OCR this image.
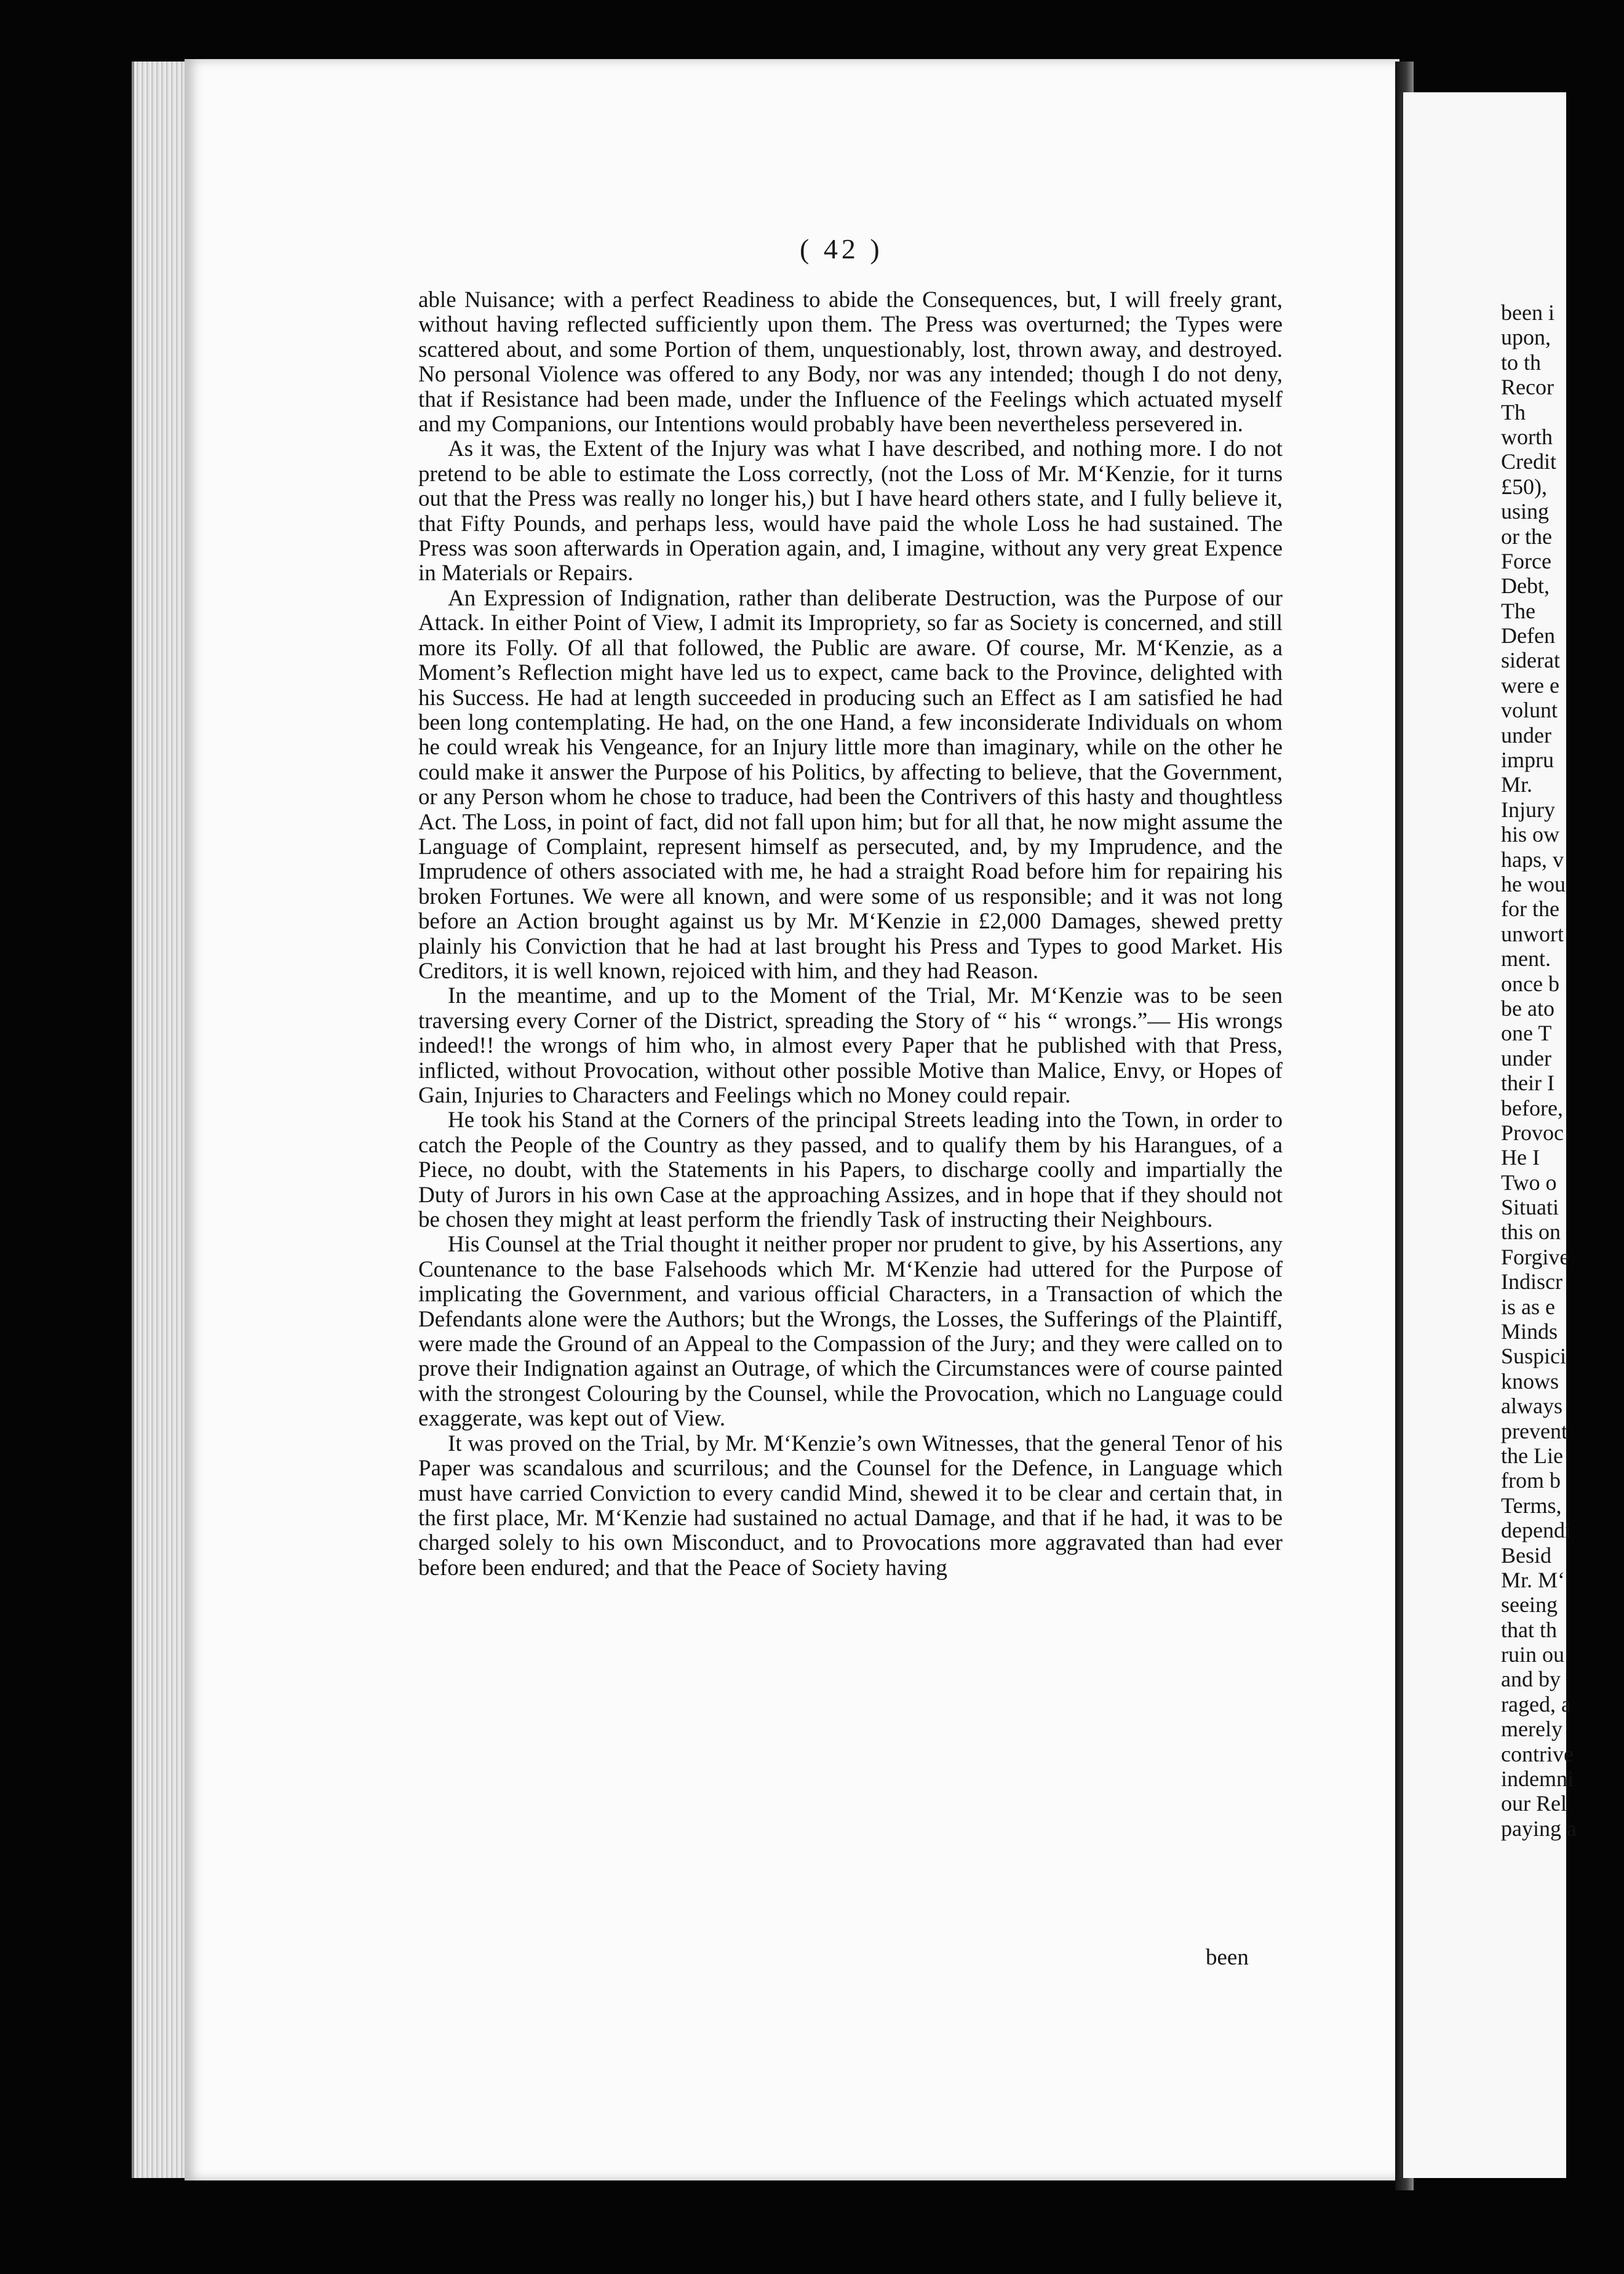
( 42 )

able Nuisance; with a perfect Readiness to abide the Consequences, but, I will freely grant, without having reflected sufficiently upon them. The Press was overturned; the Types were scattered about, and some Portion of them, unquestionably, lost, thrown away, and destroyed. No personal Violence was offered to any Body, nor was any intended; though I do not deny, that if Resistance had been made, under the Influence of the Feelings which actuated myself and my Companions, our Intentions would probably have been nevertheless persevered in.

As it was, the Extent of the Injury was what I have described, and nothing more. I do not pretend to be able to estimate the Loss correctly, (not the Loss of Mr. M‘Kenzie, for it turns out that the Press was really no longer his,) but I have heard others state, and I fully believe it, that Fifty Pounds, and perhaps less, would have paid the whole Loss he had sustained. The Press was soon afterwards in Operation again, and, I imagine, without any very great Expence in Materials or Repairs.

An Expression of Indignation, rather than deliberate Destruction, was the Purpose of our Attack. In either Point of View, I admit its Impropriety, so far as Society is concerned, and still more its Folly. Of all that followed, the Public are aware. Of course, Mr. M‘Kenzie, as a Moment’s Reflection might have led us to expect, came back to the Province, delighted with his Success. He had at length succeeded in producing such an Effect as I am satisfied he had been long contemplating. He had, on the one Hand, a few inconsiderate Individuals on whom he could wreak his Vengeance, for an Injury little more than imaginary, while on the other he could make it answer the Purpose of his Politics, by affecting to believe, that the Government, or any Person whom he chose to traduce, had been the Contrivers of this hasty and thoughtless Act. The Loss, in point of fact, did not fall upon him; but for all that, he now might assume the Language of Complaint, represent himself as persecuted, and, by my Imprudence, and the Imprudence of others associated with me, he had a straight Road before him for repairing his broken Fortunes. We were all known, and were some of us responsible; and it was not long before an Action brought against us by Mr. M‘Kenzie in £2,000 Damages, shewed pretty plainly his Conviction that he had at last brought his Press and Types to good Market. His Creditors, it is well known, rejoiced with him, and they had Reason.

In the meantime, and up to the Moment of the Trial, Mr. M‘Kenzie was to be seen traversing every Corner of the District, spreading the Story of “ his “ wrongs.”— His wrongs indeed!! the wrongs of him who, in almost every Paper that he published with that Press, inflicted, without Provocation, without other possible Motive than Malice, Envy, or Hopes of Gain, Injuries to Characters and Feelings which no Money could repair.

He took his Stand at the Corners of the principal Streets leading into the Town, in order to catch the People of the Country as they passed, and to qualify them by his Harangues, of a Piece, no doubt, with the Statements in his Papers, to discharge coolly and impartially the Duty of Jurors in his own Case at the approaching Assizes, and in hope that if they should not be chosen they might at least perform the friendly Task of instructing their Neighbours.

His Counsel at the Trial thought it neither proper nor prudent to give, by his Assertions, any Countenance to the base Falsehoods which Mr. M‘Kenzie had uttered for the Purpose of implicating the Government, and various official Characters, in a Transaction of which the Defendants alone were the Authors; but the Wrongs, the Losses, the Sufferings of the Plaintiff, were made the Ground of an Appeal to the Compassion of the Jury; and they were called on to prove their Indignation against an Outrage, of which the Circumstances were of course painted with the strongest Colouring by the Counsel, while the Provocation, which no Language could exaggerate, was kept out of View.

It was proved on the Trial, by Mr. M‘Kenzie’s own Witnesses, that the general Tenor of his Paper was scandalous and scurrilous; and the Counsel for the Defence, in Language which must have carried Conviction to every candid Mind, shewed it to be clear and certain that, in the first place, Mr. M‘Kenzie had sustained no actual Damage, and that if he had, it was to be charged solely to his own Misconduct, and to Provocations more aggravated than had ever before been endured; and that the Peace of Society having

been
been i
upon,
to th
Recor
Th
worth
Credit
£50),
using
or the
Force
Debt,
The
Defen
siderat
were e
volunt
under
impru
Mr.
Injury
his ow
haps, v
he wou
for the
unwort
ment.
once b
be ato
one T
under
their I
before,
Provoc
He I
Two o
Situati
this on
Forgive
Indiscr
is as e
Minds
Suspici
knows
always
prevent
the Lie
from b
Terms,
dependi
Besid
Mr. M‘
seeing
that th
ruin ou
and by
raged, a
merely
contrive
indemni
our Rel
paying a
